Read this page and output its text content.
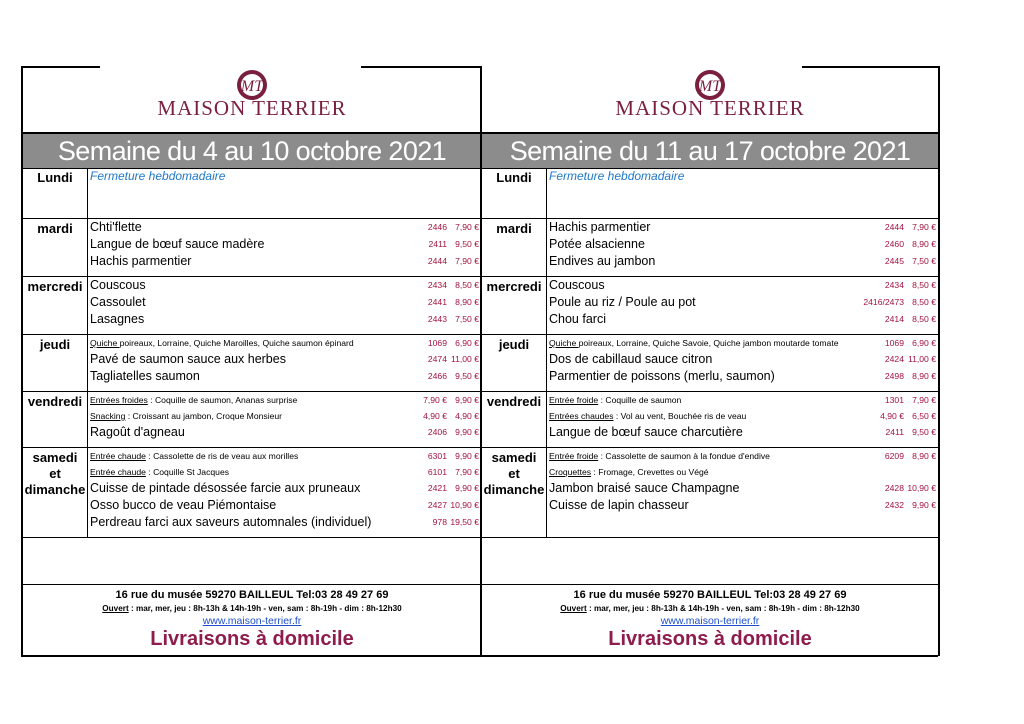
MT
MAISON TERRIER
Semaine du 4 au 10 octobre 2021
Lundi	Fermeture hebdomadaire
mardi	Chti'flette	2446 7,90 €
Langue de bœuf sauce madère	2411 9,50 €
Hachis parmentier	2444 7,90 €
mercredi Couscous	2434 8,50 €
Cassoulet	2441 8,90 €
Lasagnes	2443 7,50 €
jeudi	Quiche poireaux, Lorraine, Quiche Maroilles, Quiche saumon épinard	1069 6,90 €
Pavé de saumon sauce aux herbes	2474 11,00 €
Tagliatelles saumon	2466 9,50 €
vendredi Entrées froides : Coquille de saumon, Ananas surprise	7,90 € 9,90 €
Snacking : Croissant au jambon, Croque Monsieur	4,90 € 4,90 €
Ragoût d'agneau	2406 9,90 €
samedi
et
dimanche
Entrée chaude : Cassolette de ris de veau aux morilles	6301 9,90 €
Entrée chaude : Coquille St Jacques	6101 7,90 €
Cuisse de pintade désossée farcie aux pruneaux	2421 9,90 €
Osso bucco de veau Piémontaise	2427 10,90 €
Perdreau farci aux saveurs automnales (individuel)	978 19,50 €
16 rue du musée 59270 BAILLEUL Tel:03 28 49 27 69
Ouvert : mar, mer, jeu : 8h-13h & 14h-19h - ven, sam : 8h-19h - dim : 8h-12h30
www.maison-terrier.fr
Livraisons à domicile
MT
MAISON TERRIER
Semaine du 11 au 17 octobre 2021
Lundi	Fermeture hebdomadaire
mardi	Hachis parmentier	2444 7,90 €
Potée alsacienne	2460 8,90 €
Endives au jambon	2445 7,50 €
mercredi Couscous	2434 8,50 €
Poule au riz / Poule au pot	2416/2473 8,50 €
Chou farci	2414 8,50 €
jeudi	Quiche poireaux, Lorraine, Quiche Savoie, Quiche jambon moutarde tomate	1069 6,90 €
Dos de cabillaud sauce citron	2424 11,00 €
Parmentier de poissons (merlu, saumon)	2498 8,90 €
vendredi Entrée froide : Coquille de saumon	1301 7,90 €
Entrées chaudes : Vol au vent, Bouchée ris de veau	4,90 € 6,50 €
Langue de bœuf sauce charcutière	2411 9,50 €
samedi
et
dimanche
Entrée froide : Cassolette de saumon à la fondue d'endive	6209 8,90 €
Croquettes : Fromage, Crevettes ou Végé
Jambon braisé sauce Champagne	2428 10,90 €
Cuisse de lapin chasseur	2432 9,90 €
16 rue du musée 59270 BAILLEUL Tel:03 28 49 27 69
Ouvert : mar, mer, jeu : 8h-13h & 14h-19h - ven, sam : 8h-19h - dim : 8h-12h30
www.maison-terrier.fr
Livraisons à domicile
